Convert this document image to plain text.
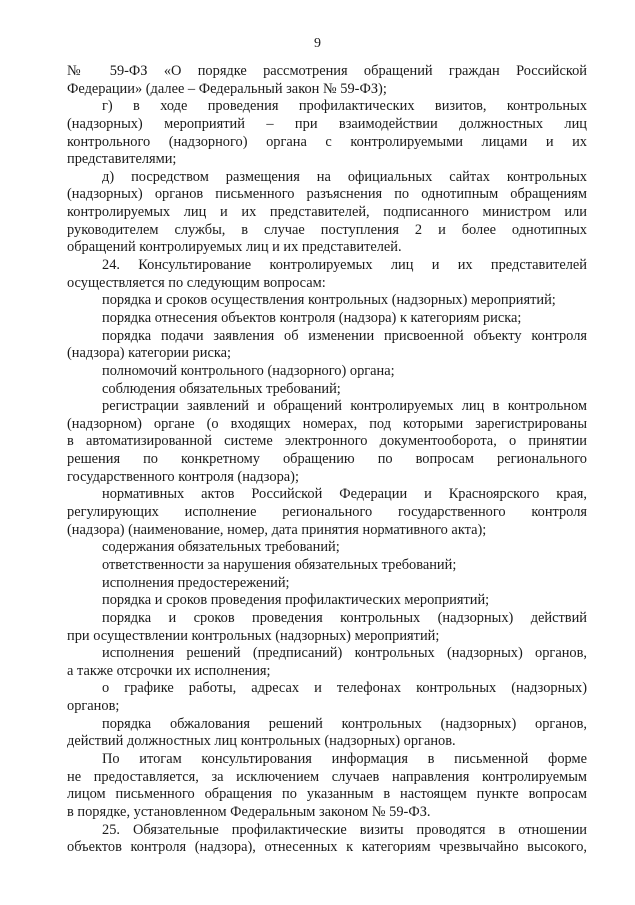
9
№ 59-ФЗ «О порядке рассмотрения обращений граждан Российской
Федерации» (далее – Федеральный закон № 59-ФЗ);
г) в ходе проведения профилактических визитов, контрольных
(надзорных) мероприятий – при взаимодействии должностных лиц
контрольного (надзорного) органа с контролируемыми лицами и их
представителями;
д) посредством размещения на официальных сайтах контрольных
(надзорных) органов письменного разъяснения по однотипным обращениям
контролируемых лиц и их представителей, подписанного министром или
руководителем службы, в случае поступления 2 и более однотипных
обращений контролируемых лиц и их представителей.
24. Консультирование контролируемых лиц и их представителей
осуществляется по следующим вопросам:
порядка и сроков осуществления контрольных (надзорных) мероприятий;
порядка отнесения объектов контроля (надзора) к категориям риска;
порядка подачи заявления об изменении присвоенной объекту контроля
(надзора) категории риска;
полномочий контрольного (надзорного) органа;
соблюдения обязательных требований;
регистрации заявлений и обращений контролируемых лиц в контрольном
(надзорном) органе (о входящих номерах, под которыми зарегистрированы
в автоматизированной системе электронного документооборота, о принятии
решения по конкретному обращению по вопросам регионального
государственного контроля (надзора);
нормативных актов Российской Федерации и Красноярского края,
регулирующих исполнение регионального государственного контроля
(надзора) (наименование, номер, дата принятия нормативного акта);
содержания обязательных требований;
ответственности за нарушения обязательных требований;
исполнения предостережений;
порядка и сроков проведения профилактических мероприятий;
порядка и сроков проведения контрольных (надзорных) действий
при осуществлении контрольных (надзорных) мероприятий;
исполнения решений (предписаний) контрольных (надзорных) органов,
а также отсрочки их исполнения;
о графике работы, адресах и телефонах контрольных (надзорных)
органов;
порядка обжалования решений контрольных (надзорных) органов,
действий должностных лиц контрольных (надзорных) органов.
По итогам консультирования информация в письменной форме
не предоставляется, за исключением случаев направления контролируемым
лицом письменного обращения по указанным в настоящем пункте вопросам
в порядке, установленном Федеральным законом № 59-ФЗ.
25. Обязательные профилактические визиты проводятся в отношении
объектов контроля (надзора), отнесенных к категориям чрезвычайно высокого,
